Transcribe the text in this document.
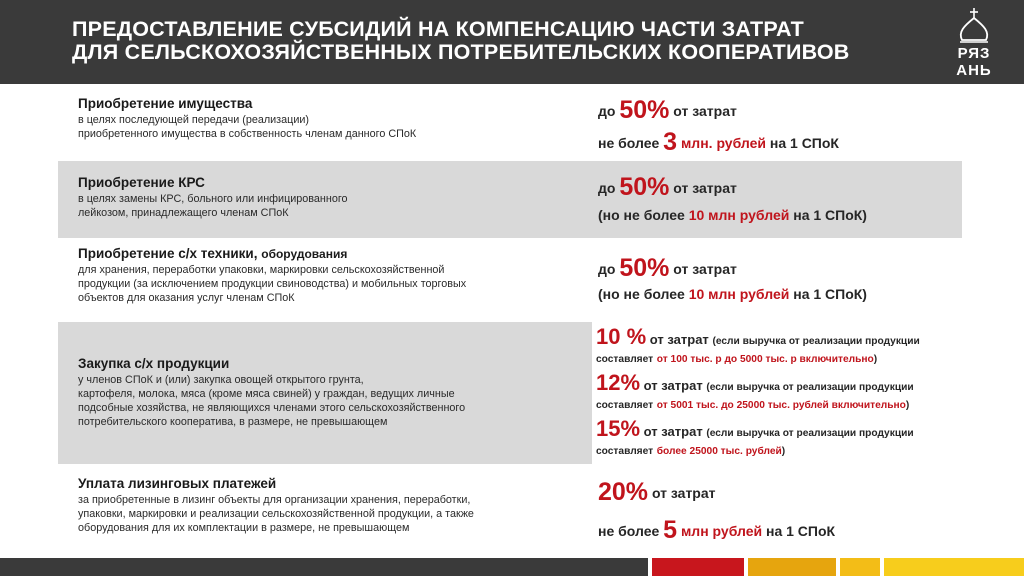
ПРЕДОСТАВЛЕНИЕ СУБСИДИЙ НА КОМПЕНСАЦИЮ ЧАСТИ ЗАТРАТ
ДЛЯ СЕЛЬСКОХОЗЯЙСТВЕННЫХ ПОТРЕБИТЕЛЬСКИХ КООПЕРАТИВОВ	РЯЗ
АНЬ
Приобретение имущества
в целях последующей передачи (реализации)
приобретенного имущества в собственность членам данного СПоК
до 50% от затрат
не более 3 млн. рублей на 1 СПоК
Приобретение КРС
в целях замены КРС, больного или инфицированного
лейкозом, принадлежащего членам СПоК
до 50% от затрат
(но не более 10 млн рублей на 1 СПоК)
Приобретение с/х техники, оборудования
для хранения, переработки упаковки, маркировки сельскохозяйственной
продукции (за исключением продукции свиноводства) и мобильных торговых
объектов для оказания услуг членам СПоК
до 50% от затрат
(но не более 10 млн рублей на 1 СПоК)
Закупка с/х продукции
у членов СПоК и (или) закупка овощей открытого грунта,
картофеля, молока, мяса (кроме мяса свиней) у граждан, ведущих личные
подсобные хозяйства, не являющихся членами этого сельскохозяйственного
потребительского кооператива, в размере, не превышающем
10 % от затрат (если выручка от реализации продукции
составляет от 100 тыс. р до 5000 тыс. р включительно)
12% от затрат (если выручка от реализации продукции
составляет от 5001 тыс. до 25000 тыс. рублей включительно)
15% от затрат (если выручка от реализации продукции
составляет более 25000 тыс. рублей)
Уплата лизинговых платежей
за приобретенные в лизинг объекты для организации хранения, переработки,
упаковки, маркировки и реализации сельскохозяйственной продукции, а также
оборудования для их комплектации в размере, не превышающем
20% от затрат
не более 5 млн рублей на 1 СПоК
